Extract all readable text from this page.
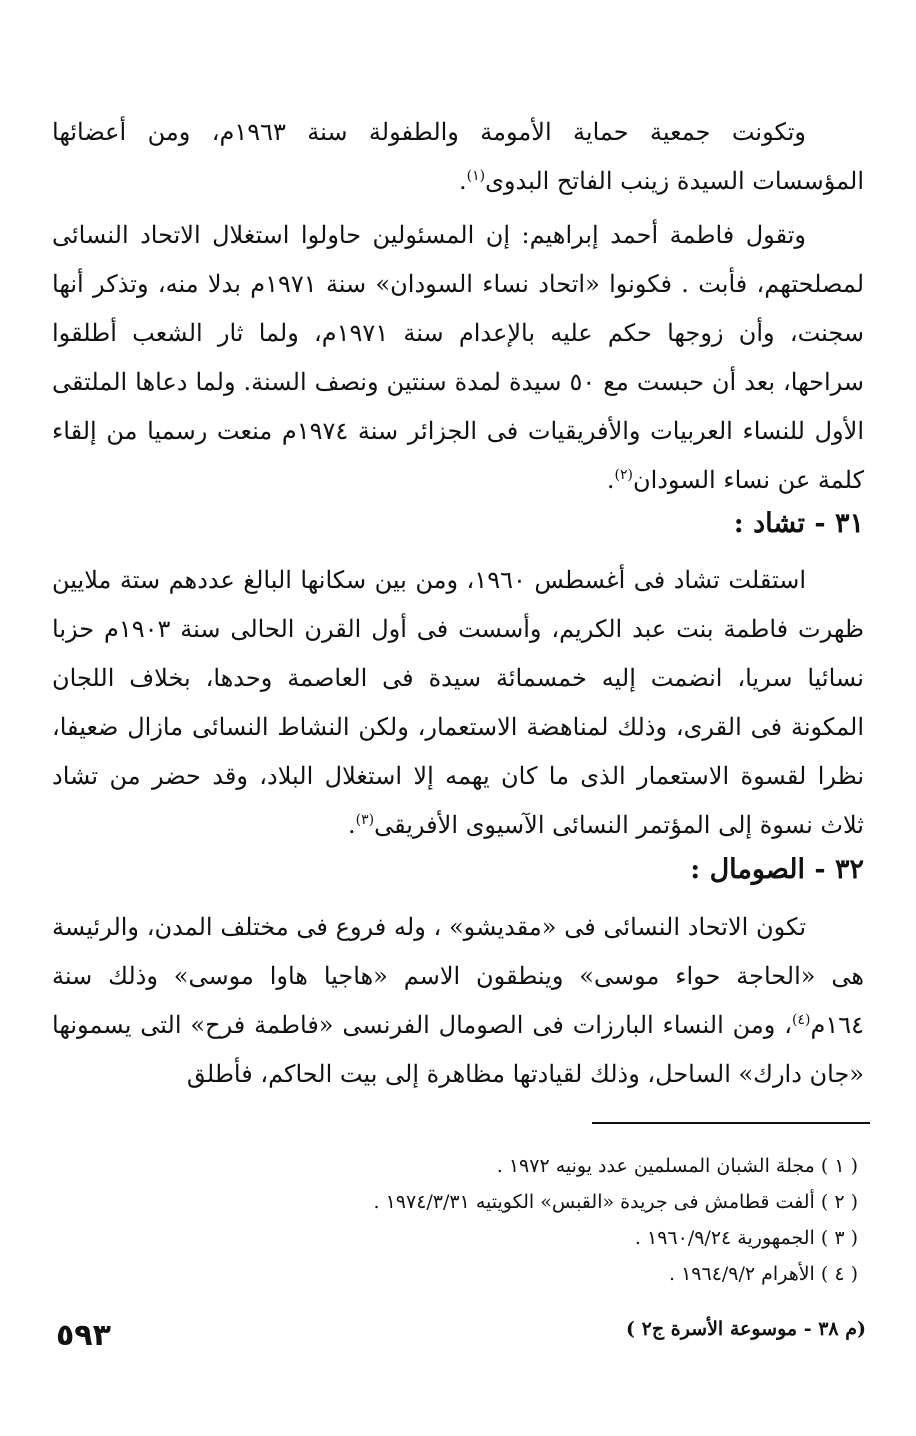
وتكونت جمعية حماية الأمومة والطفولة سنة ١٩٦٣م، ومن أعضائها المؤسسات السيدة زينب الفاتح البدوى$^{(١)}$.

وتقول فاطمة أحمد إبراهيم: إن المسئولين حاولوا استغلال الاتحاد النسائى لمصلحتهم، فأبت . فكونوا «اتحاد نساء السودان» سنة ١٩٧١م بدلا منه، وتذكر أنها سجنت، وأن زوجها حكم عليه بالإعدام سنة ١٩٧١م، ولما ثار الشعب أطلقوا سراحها، بعد أن حبست مع ٥٠ سيدة لمدة سنتين ونصف السنة. ولما دعاها الملتقى الأول للنساء العربيات والأفريقيات فى الجزائر سنة ١٩٧٤م منعت رسميا من إلقاء كلمة عن نساء السودان$^{(٢)}$.

٣١ - تشاد :

استقلت تشاد فى أغسطس ١٩٦٠، ومن بين سكانها البالغ عددهم ستة ملايين ظهرت فاطمة بنت عبد الكريم، وأسست فى أول القرن الحالى سنة ١٩٠٣م حزبا نسائيا سريا، انضمت إليه خمسمائة سيدة فى العاصمة وحدها، بخلاف اللجان المكونة فى القرى، وذلك لمناهضة الاستعمار، ولكن النشاط النسائى مازال ضعيفا، نظرا لقسوة الاستعمار الذى ما كان يهمه إلا استغلال البلاد، وقد حضر من تشاد ثلاث نسوة إلى المؤتمر النسائى الآسيوى الأفريقى$^{(٣)}$.

٣٢ - الصومال :

تكون الاتحاد النسائى فى «مقديشو» ، وله فروع فى مختلف المدن، والرئيسة هى «الحاجة حواء موسى» وينطقون الاسم «هاجيا هاوا موسى» وذلك سنة ١٦٤م$^{(٤)}$، ومن النساء البارزات فى الصومال الفرنسى «فاطمة فرح» التى يسمونها «جان دارك» الساحل، وذلك لقيادتها مظاهرة إلى بيت الحاكم، فأطلق

( ١ ) مجلة الشبان المسلمين عدد يونيه ١٩٧٢ .
( ٢ ) ألفت قطامش فى جريدة «القبس» الكويتيه ١٩٧٤/٣/٣١ .
( ٣ ) الجمهورية ١٩٦٠/٩/٢٤ .
( ٤ ) الأهرام ١٩٦٤/٩/٢ .
(م ٣٨ - موسوعة الأسرة ج٢ )
٥٩٣
